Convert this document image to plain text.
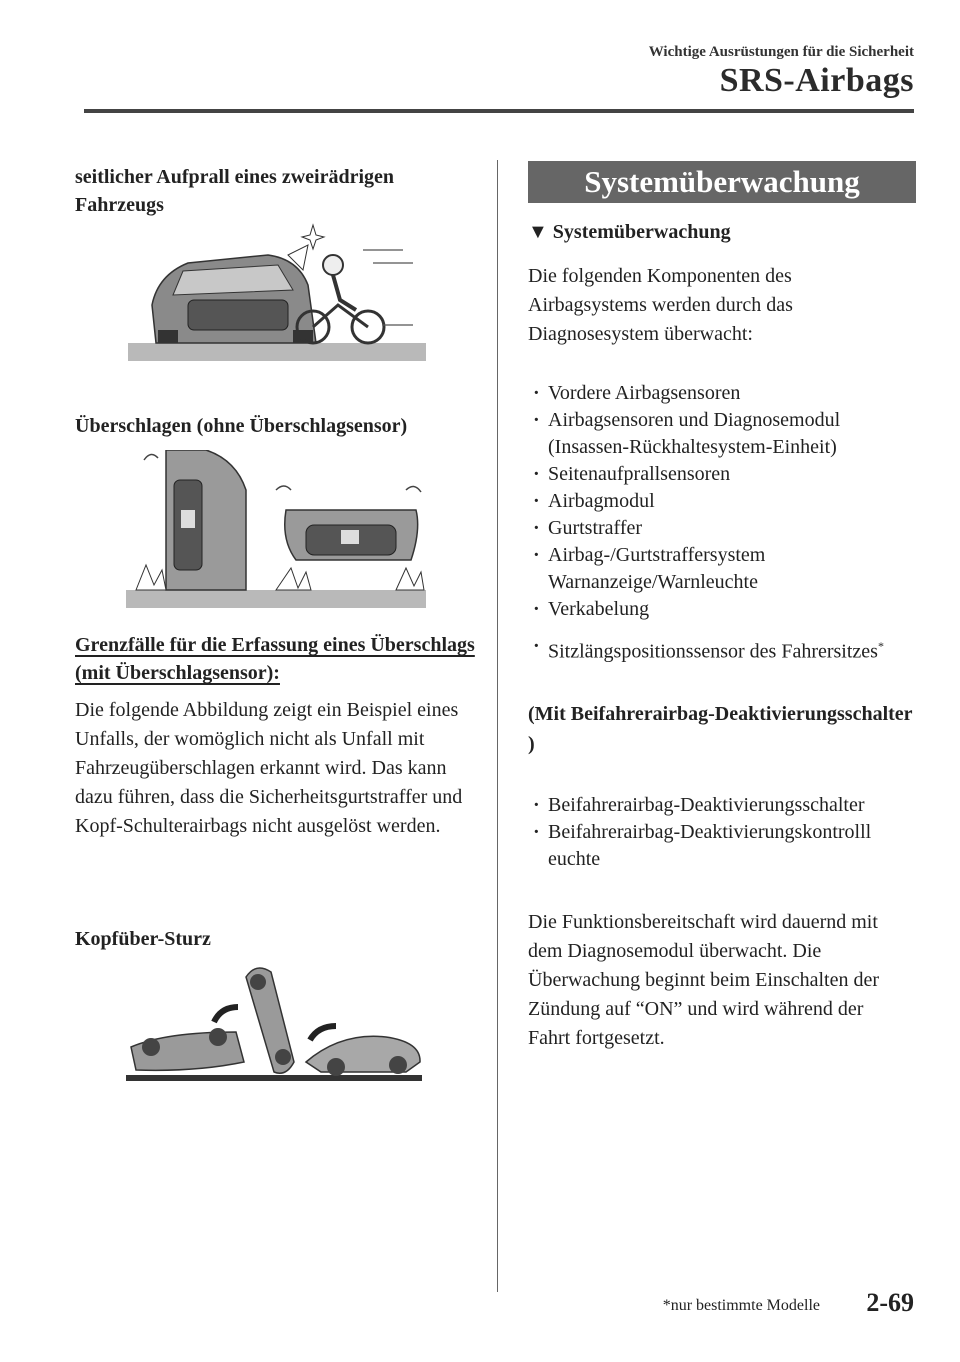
Wichtige Ausrüstungen für die Sicherheit
SRS-Airbags
seitlicher Aufprall eines zweirädrigen Fahrzeugs
Überschlagen (ohne Überschlagsensor)
Grenzfälle für die Erfassung eines Überschlags (mit Überschlagsensor):
Die folgende Abbildung zeigt ein Beispiel eines Unfalls, der womöglich nicht als Unfall mit Fahrzeugüberschlagen erkannt wird. Das kann dazu führen, dass die Sicherheitsgurtstraffer und Kopf-Schulterairbags nicht ausgelöst werden.
Kopfüber-Sturz
Systemüberwachung
▼ Systemüberwachung
Die folgenden Komponenten des Airbagsystems werden durch das Diagnosesystem überwacht:
· Vordere Airbagsensoren
· Airbagsensoren und Diagnosemodul (Insassen-Rückhaltesystem-Einheit)
· Seitenaufprallsensoren
· Airbagmodul
· Gurtstraffer
· Airbag-/Gurtstraffersystem Warnanzeige/Warnleuchte
· Verkabelung
· Sitzlängspositionssensor des Fahrersitzes*
(Mit Beifahrerairbag-Deaktivierungsschalter )
· Beifahrerairbag-Deaktivierungsschalter
· Beifahrerairbag-Deaktivierungskontrolll euchte
Die Funktionsbereitschaft wird dauernd mit dem Diagnosemodul überwacht. Die Überwachung beginnt beim Einschalten der Zündung auf “ON” und wird während der Fahrt fortgesetzt.
*nur bestimmte Modelle 2-69
